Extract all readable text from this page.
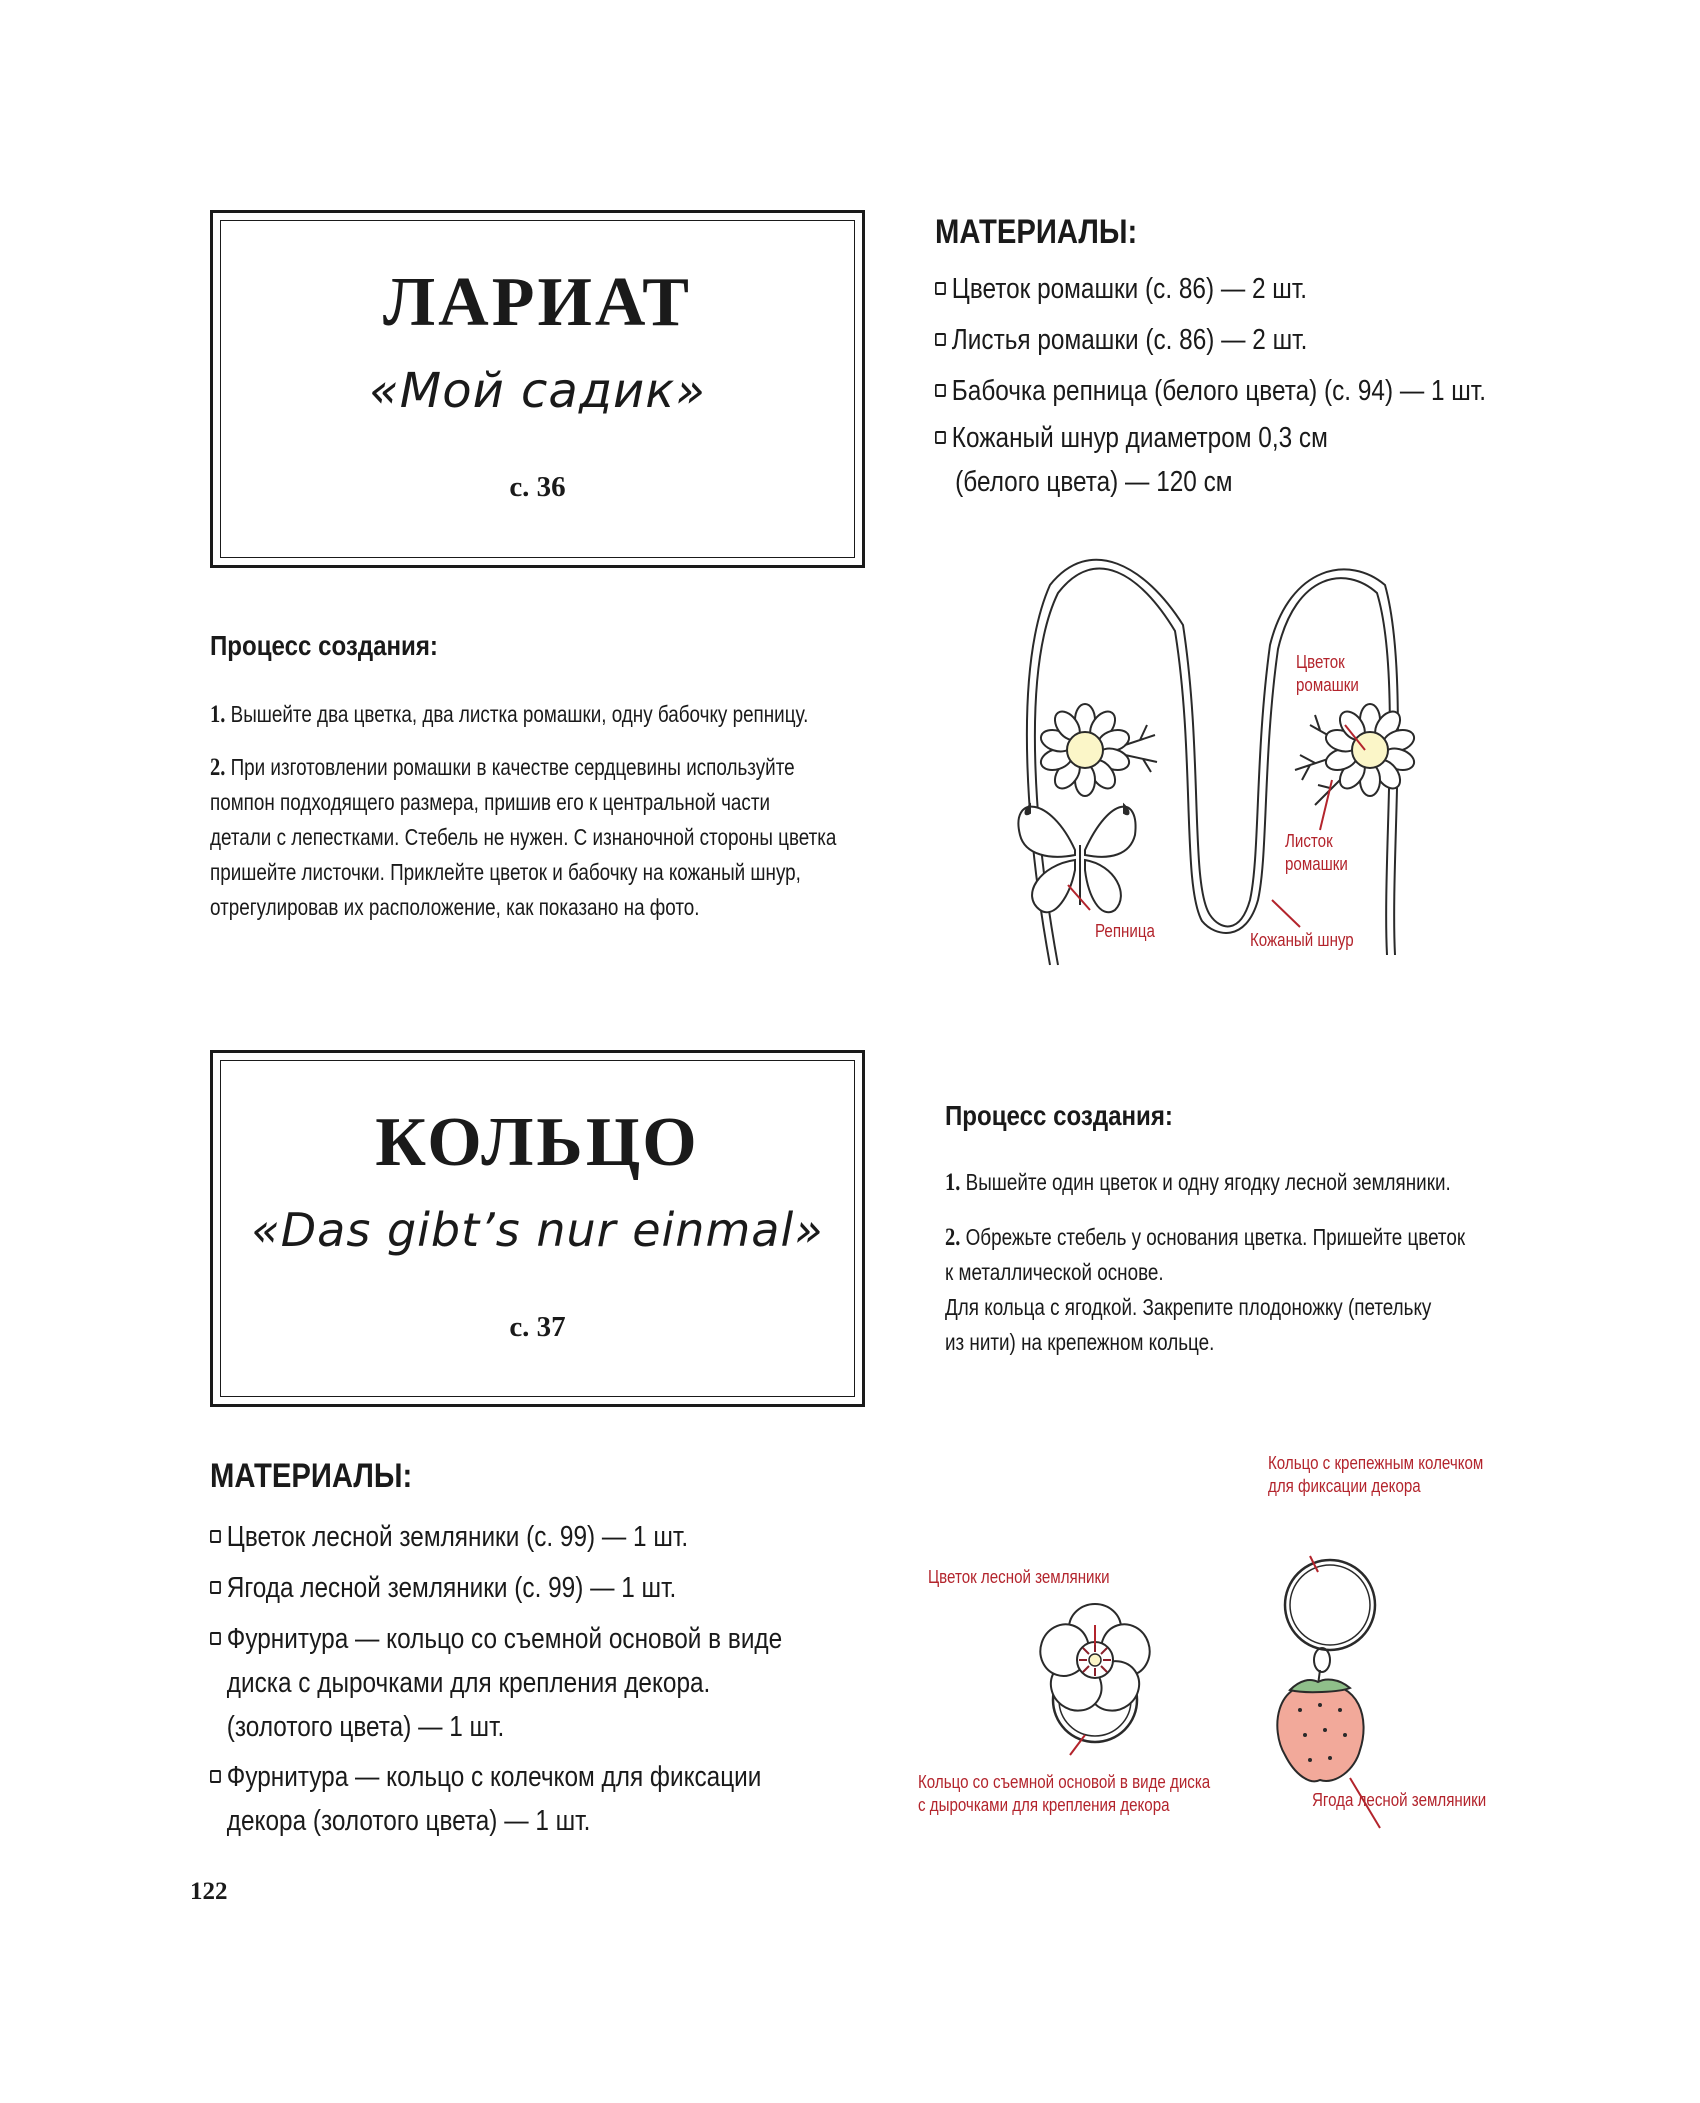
ЛАРИАТ
«Мой садик»
с. 36
МАТЕРИАЛЫ:
Цветок ромашки (с. 86) — 2 шт.
Листья ромашки (с. 86) — 2 шт.
Бабочка репница (белого цвета) (с. 94) — 1 шт.
Кожаный шнур диаметром 0,3 см
(белого цвета) — 120 см
Процесс создания:

1. Вышейте два цветка, два листка ромашки, одну бабочку репницу.

2. При изготовлении ромашки в качестве сердцевины используйте
помпон подходящего размера, пришив его к центральной части
детали с лепестками. Стебель не нужен. С изнаночной стороны цветка
пришейте листочки. Приклейте цветок и бабочку на кожаный шнур,
отрегулировав их расположение, как показано на фото.

Цветок
ромашки
Листок
ромашки
Репница	Кожаный шнур
КОЛЬЦО
«Das gibt’s nur einmal»
с. 37
Процесс создания:

1. Вышейте один цветок и одну ягодку лесной земляники.

2. Обрежьте стебель у основания цветка. Пришейте цветок
к металлической основе.
Для кольца с ягодкой. Закрепите плодоножку (петельку
из нити) на крепежном кольце.

МАТЕРИАЛЫ:
Цветок лесной земляники (с. 99) — 1 шт.
Ягода лесной земляники (с. 99) — 1 шт.
Фурнитура — кольцо со съемной основой в виде
диска с дырочками для крепления декора.
(золотого цвета) — 1 шт.
Фурнитура — кольцо с колечком для фиксации
декора (золотого цвета) — 1 шт.
Кольцо с крепежным колечком
для фиксации декора
Цветок лесной земляники
Кольцо со съемной основой в виде диска
с дырочками для крепления декора	Ягода лесной земляники
122
